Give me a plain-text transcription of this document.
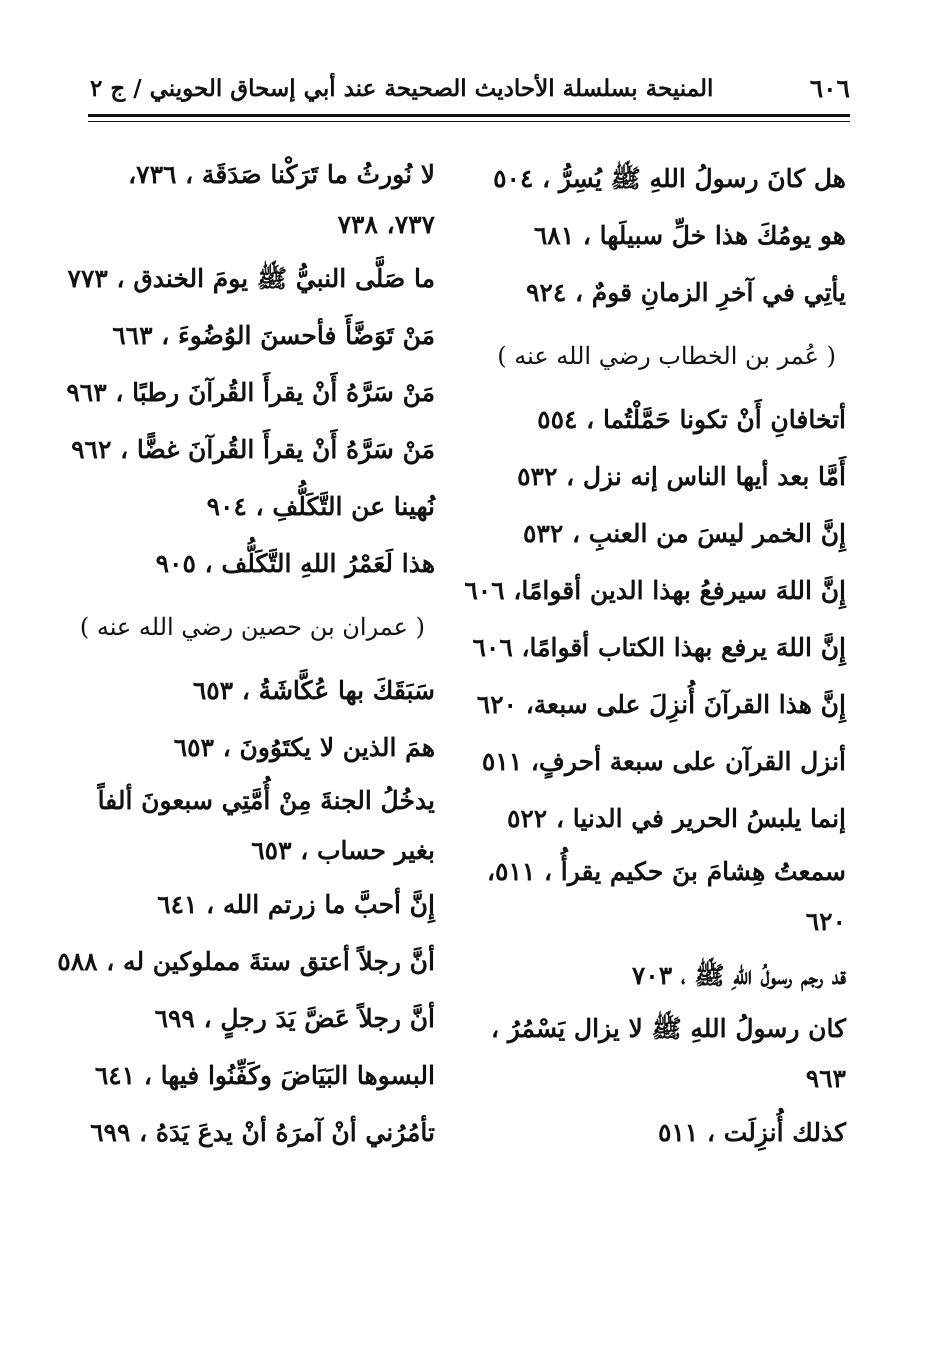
٦٠٦
المنيحة بسلسلة الأحاديث الصحيحة عند أبي إسحاق الحويني / ج ٢
هل كانَ رسولُ اللهِ ﷺ يُسِرُّ ، ٥٠٤
هو يومُكَ هذا خلِّ سبيلَها ، ٦٨١
يأتِي في آخرِ الزمانِ قومٌ ، ٩٢٤
( عُمر بن الخطاب رضي الله عنه )
أتخافانِ أَنْ تكونا حَمَّلْتُما ، ٥٥٤
أَمَّا بعد أيها الناس إنه نزل ، ٥٣٢
إِنَّ الخمر ليسَ من العنبِ ، ٥٣٢
إِنَّ اللهَ سيرفعُ بهذا الدين أقوامًا، ٦٠٦
إِنَّ اللهَ يرفع بهذا الكتاب أقوامًا، ٦٠٦
إِنَّ هذا القرآنَ أُنزِلَ على سبعة، ٦٢٠
أنزل القرآن على سبعة أحرفٍ، ٥١١
إنما يلبسُ الحرير في الدنيا ، ٥٢٢
سمعتُ هِشامَ بنَ حكيم يقرأُ ، ٥١١، ٦٢٠
قد رجم رسولُ اللهِ ﷺ ، ٧٠٣
كان رسولُ اللهِ ﷺ لا يزال يَسْمُرُ ، ٩٦٣
كذلك أُنزِلَت ، ٥١١
لا نُورثُ ما تَرَكْنا صَدَقَة ، ٧٣٦، ٧٣٧، ٧٣٨
ما صَلَّى النبيُّ ﷺ يومَ الخندق ، ٧٧٣
مَنْ تَوَضَّأَ فأحسنَ الوُضُوءَ ، ٦٦٣
مَنْ سَرَّهُ أَنْ يقرأَ القُرآنَ رطبًا ، ٩٦٣
مَنْ سَرَّهُ أَنْ يقرأَ القُرآنَ غضًّا ، ٩٦٢
نُهينا عن التَّكَلُّفِ ، ٩٠٤
هذا لَعَمْرُ اللهِ التَّكَلُّف ، ٩٠٥
( عمران بن حصين رضي الله عنه )
سَبَقَكَ بها عُكَّاشَةُ ، ٦٥٣
همَ الذين لا يكتَوُونَ ، ٦٥٣
يدخُلُ الجنةَ مِنْ أُمَّتِي سبعونَ ألفاً بغير حساب ، ٦٥٣
إِنَّ أحبَّ ما زرتم الله ، ٦٤١
أنَّ رجلاً أعتق ستةَ مملوكين له ، ٥٨٨
أنَّ رجلاً عَضَّ يَدَ رجلٍ ، ٦٩٩
البسوها البَيَاضَ وكَفِّنُوا فيها ، ٦٤١
تأمُرُني أنْ آمرَهُ أنْ يدعَ يَدَهُ ، ٦٩٩
